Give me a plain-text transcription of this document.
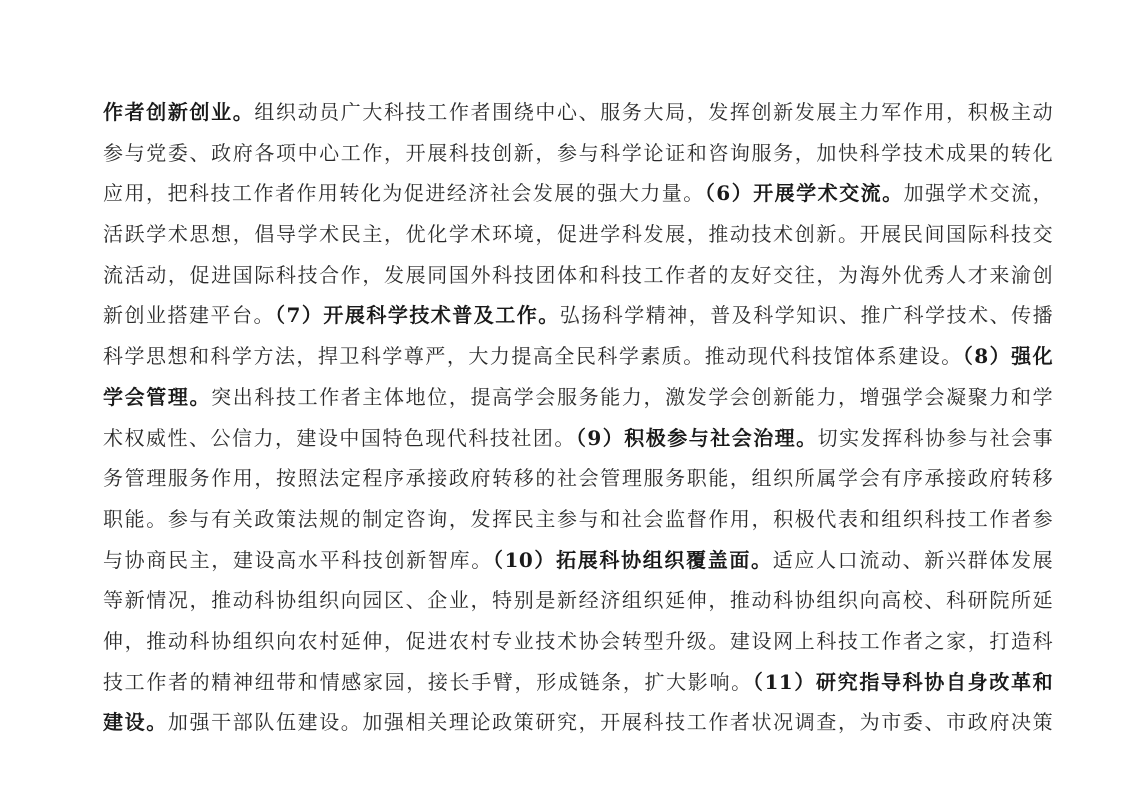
作者创新创业。组织动员广大科技工作者围绕中心、服务大局，发挥创新发展主力军作用，积极主动
参与党委、政府各项中心工作，开展科技创新，参与科学论证和咨询服务，加快科学技术成果的转化
应用，把科技工作者作用转化为促进经济社会发展的强大力量。（6）开展学术交流。加强学术交流，
活跃学术思想，倡导学术民主，优化学术环境，促进学科发展，推动技术创新。开展民间国际科技交
流活动，促进国际科技合作，发展同国外科技团体和科技工作者的友好交往，为海外优秀人才来渝创
新创业搭建平台。（7）开展科学技术普及工作。弘扬科学精神，普及科学知识、推广科学技术、传播
科学思想和科学方法，捍卫科学尊严，大力提高全民科学素质。推动现代科技馆体系建设。（8）强化
学会管理。突出科技工作者主体地位，提高学会服务能力，激发学会创新能力，增强学会凝聚力和学
术权威性、公信力，建设中国特色现代科技社团。（9）积极参与社会治理。切实发挥科协参与社会事
务管理服务作用，按照法定程序承接政府转移的社会管理服务职能，组织所属学会有序承接政府转移
职能。参与有关政策法规的制定咨询，发挥民主参与和社会监督作用，积极代表和组织科技工作者参
与协商民主，建设高水平科技创新智库。（10）拓展科协组织覆盖面。适应人口流动、新兴群体发展
等新情况，推动科协组织向园区、企业，特别是新经济组织延伸，推动科协组织向高校、科研院所延
伸，推动科协组织向农村延伸，促进农村专业技术协会转型升级。建设网上科技工作者之家，打造科
技工作者的精神纽带和情感家园，接长手臂，形成链条，扩大影响。（11）研究指导科协自身改革和
建设。加强干部队伍建设。加强相关理论政策研究，开展科技工作者状况调查，为市委、市政府决策
